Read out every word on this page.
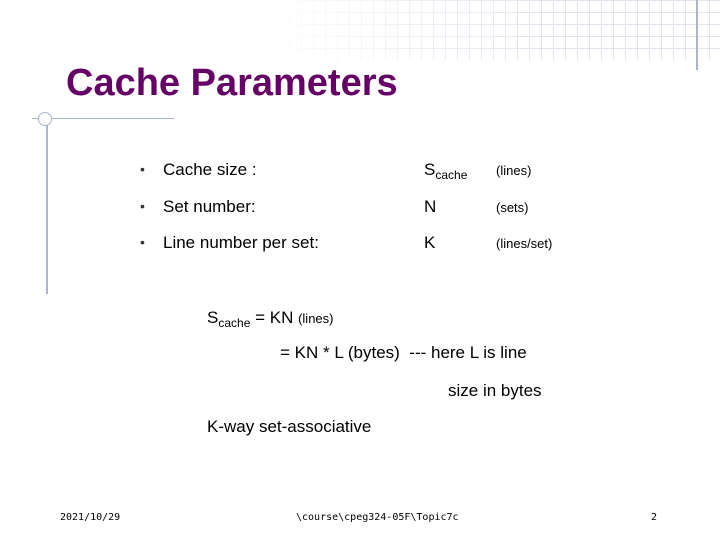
Cache Parameters
• Cache size :	$S_{cache}$ (lines)
• Set number:	N	(sets)
• Line number per set:	K	(lines/set)
$S_{cache}$ = KN (lines)
= KN * L (bytes)  --- here L is line
size in bytes
K-way set-associative
2021/10/29	\course\cpeg324-05F\Topic7c	2
